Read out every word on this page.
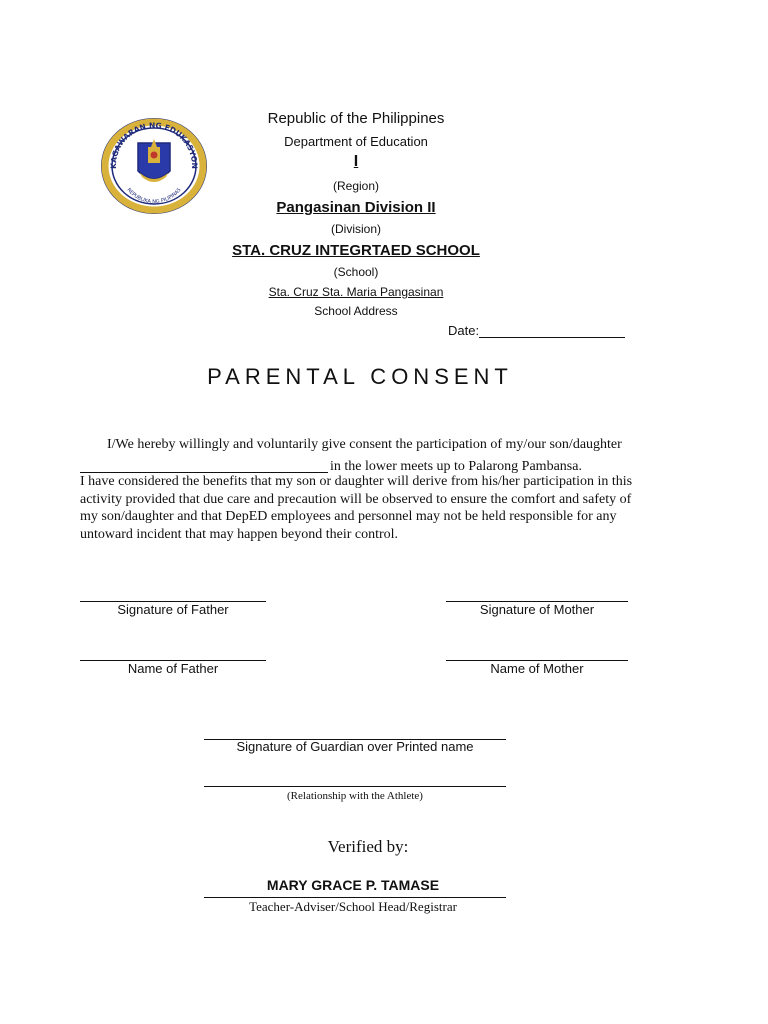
KAGAWARAN NG EDUKASYON
REPUBLIKA NG PILIPINAS
Republic of the Philippines
Department of Education
I
(Region)
Pangasinan Division II
(Division)
STA. CRUZ INTEGRTAED SCHOOL
(School)
Sta. Cruz Sta. Maria Pangasinan
School Address
Date:
PARENTAL CONSENT
I/We hereby willingly and voluntarily give consent the participation of my/our son/daughter
in the lower meets up to Palarong Pambansa.
I have considered the benefits that my son or daughter will derive from his/her participation in this activity provided that due care and precaution will be observed to ensure the comfort and safety of my son/daughter and that DepED employees and personnel may not be held responsible for any untoward incident that may happen beyond their control.
Signature of Father	Signature of Mother
Name of Father	Name of Mother
Signature of Guardian over Printed name
(Relationship with the Athlete)
Verified by:
MARY GRACE P. TAMASE
Teacher-Adviser/School Head/Registrar
